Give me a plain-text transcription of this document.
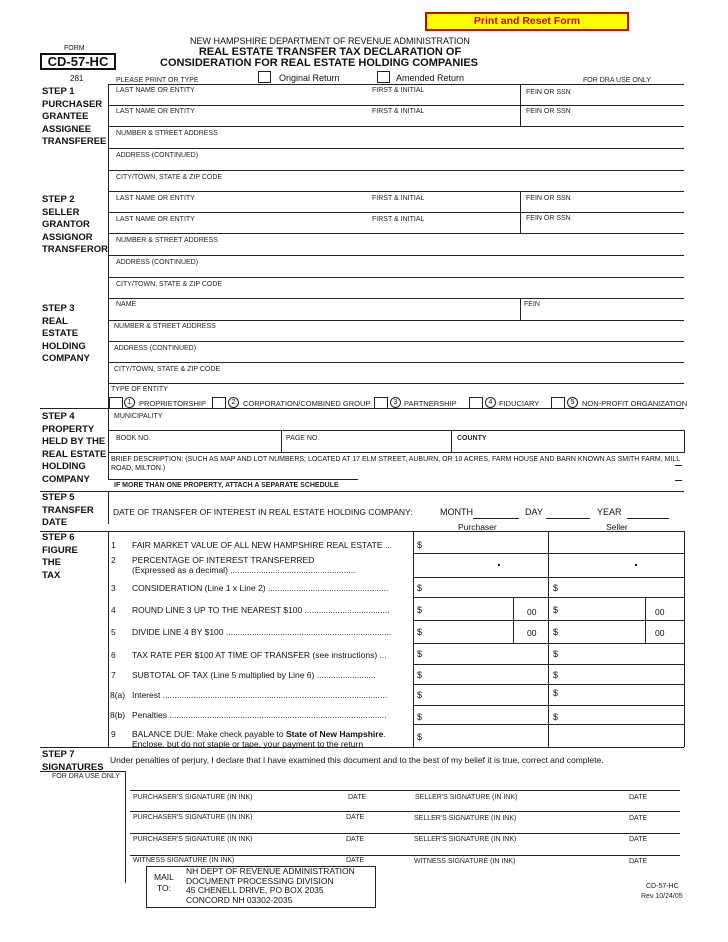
Print and Reset Form
NEW HAMPSHIRE DEPARTMENT OF REVENUE ADMINISTRATION
REAL ESTATE TRANSFER TAX DECLARATION OF
CONSIDERATION FOR REAL ESTATE HOLDING COMPANIES
FORM
CD-57-HC
281	PLEASE PRINT OR TYPE	Original Return	Amended Return	FOR DRA USE ONLY
STEP 1
PURCHASER
GRANTEE
ASSIGNEE
TRANSFEREE
LAST NAME OR ENTITY	FIRST & INITIAL	FEIN OR SSN
LAST NAME OR ENTITY	FIRST & INITIAL	FEIN OR SSN
NUMBER & STREET ADDRESS
ADDRESS (CONTINUED)
CITY/TOWN, STATE & ZIP CODE
STEP 2
SELLER
GRANTOR
ASSIGNOR
TRANSFEROR
LAST NAME OR ENTITY	FIRST & INITIAL	FEIN OR SSN
LAST NAME OR ENTITY	FIRST & INITIAL	FEIN OR SSN
NUMBER & STREET ADDRESS
ADDRESS (CONTINUED)
CITY/TOWN, STATE & ZIP CODE
STEP 3
REAL
ESTATE
HOLDING
COMPANY
NAME	FEIN
NUMBER & STREET ADDRESS
ADDRESS (CONTINUED)
CITY/TOWN, STATE & ZIP CODE
TYPE OF ENTITY
1	PROPRIETORSHIP	2	CORPORATION/COMBINED GROUP	3 PARTNERSHIP	4 FIDUCIARY	5	NON-PROFIT ORGANIZATION
STEP 4
PROPERTY
HELD BY THE
REAL ESTATE
HOLDING
COMPANY
MUNICIPALITY
BOOK NO.	PAGE NO.	COUNTY
BRIEF DESCRIPTION: (SUCH AS MAP AND LOT NUMBERS; LOCATED AT 17 ELM STREET, AUBURN, OR 10 ACRES, FARM HOUSE AND BARN KNOWN AS SMITH FARM, MILL ROAD, MILTON.)
IF MORE THAN ONE PROPERTY, ATTACH A SEPARATE SCHEDULE
STEP 5
TRANSFER
DATE
DATE OF TRANSFER OF INTEREST IN REAL ESTATE HOLDING COMPANY:	MONTH	DAY	YEAR
Purchaser	Seller
STEP 6
FIGURE
THE
TAX
1 FAIR MARKET VALUE OF ALL NEW HAMPSHIRE REAL ESTATE ...	$
2 PERCENTAGE OF INTEREST TRANSFERRED
(Expressed as a decimal) .....................................................
.	.
3 CONSIDERATION (Line 1 x Line 2) ...................................................	$	$
4 ROUND LINE 3 UP TO THE NEAREST $100 ....................................	$	00 $	00
5 DIVIDE LINE 4 BY $100 ......................................................................	$	00 $	00
6 TAX RATE PER $100 AT TIME OF TRANSFER (see instructions) ...	$	$
7 SUBTOTAL OF TAX (Line 5 multiplied by Line 6) .........................	$	$
8(a) Interest ...............................................................................................	$	$
8(b) Penalties ............................................................................................	$	$
9 BALANCE DUE: Make check payable to State of New Hampshire.
Enclose, but do not staple or tape, your payment to the return
$
STEP 7
SIGNATURES
Under penalties of perjury, I declare that I have examined this document and to the best of my belief it is true, correct and complete.
FOR DRA USE ONLY
PURCHASER'S SIGNATURE (IN INK)	DATE	SELLER'S SIGNATURE (IN INK)	DATE
PURCHASER'S SIGNATURE (IN INK)	DATE	SELLER'S SIGNATURE (IN INK)	DATE
PURCHASER'S SIGNATURE (IN INK)	DATE	SELLER'S SIGNATURE (IN INK)	DATE
WITNESS SIGNATURE (IN INK)	DATE	WITNESS SIGNATURE (IN INK)	DATE
MAIL
TO:
NH DEPT OF REVENUE ADMINISTRATION
DOCUMENT PROCESSING DIVISION
45 CHENELL DRIVE, PO BOX 2035
CONCORD NH 03302-2035
CD-57-HC
Rev 10/24/05
